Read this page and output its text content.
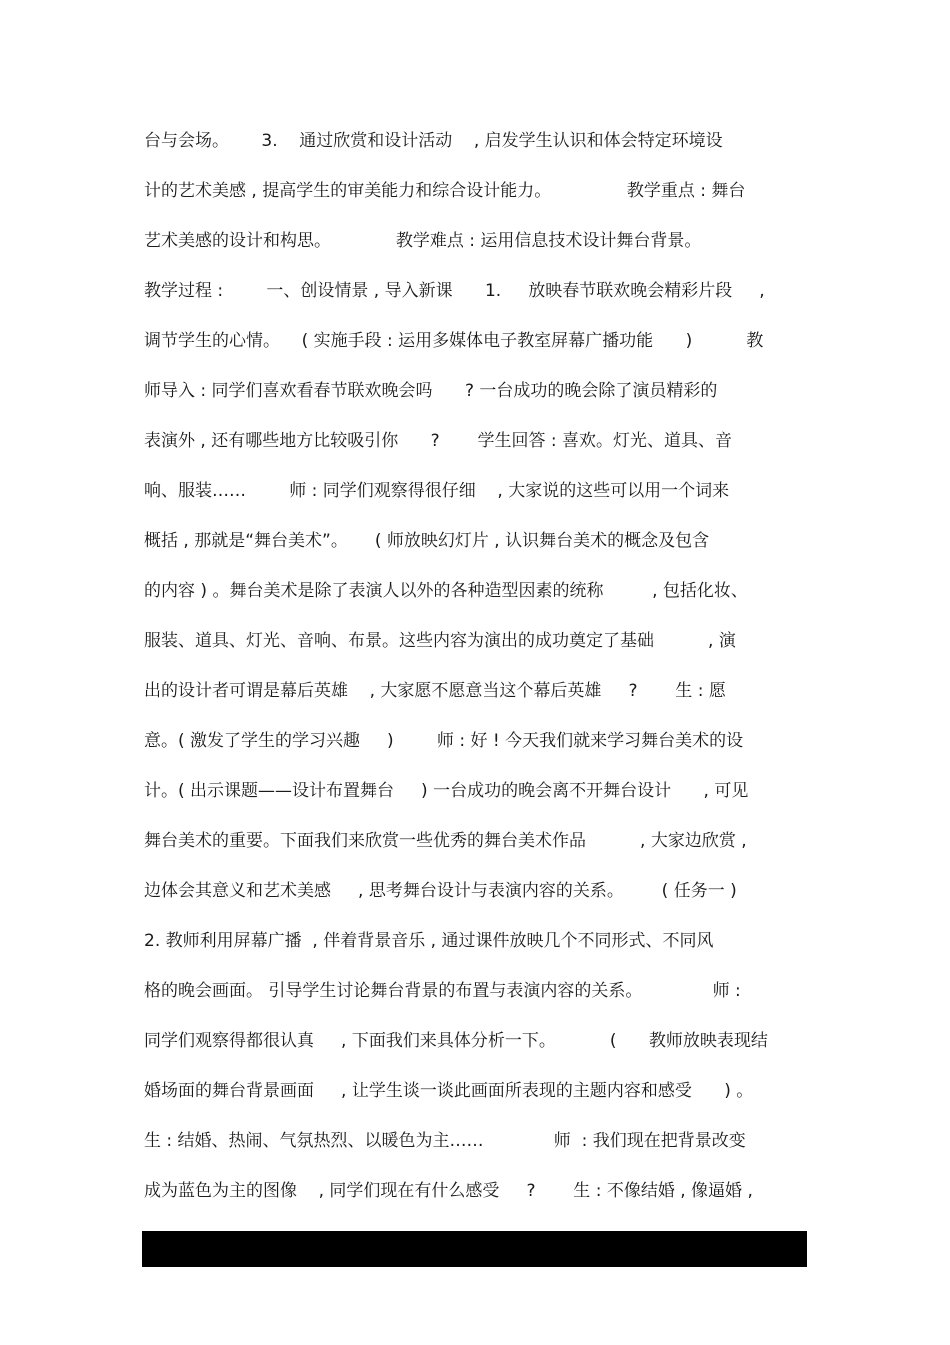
台与会场。      3.    通过欣赏和设计活动    , 启发学生认识和体会特定环境设
计的艺术美感 , 提高学生的审美能力和综合设计能力。              教学重点 : 舞台
艺术美感的设计和构思。            教学难点 : 运用信息技术设计舞台背景。
教学过程 :        一、创设情景 , 导入新课      1.     放映春节联欢晚会精彩片段     ,
调节学生的心情。    ( 实施手段 : 运用多媒体电子教室屏幕广播功能      )          教
师导入 : 同学们喜欢看春节联欢晚会吗      ? 一台成功的晚会除了演员精彩的
表演外 , 还有哪些地方比较吸引你      ?       学生回答 : 喜欢。灯光、道具、音
响、服装……        师 : 同学们观察得很仔细    , 大家说的这些可以用一个词来
概括 , 那就是“舞台美术”。     ( 师放映幻灯片 , 认识舞台美术的概念及包含
的内容 ) 。舞台美术是除了表演人以外的各种造型因素的统称         , 包括化妆、
服装、道具、灯光、音响、布景。这些内容为演出的成功奠定了基础          , 演
出的设计者可谓是幕后英雄    , 大家愿不愿意当这个幕后英雄     ?       生 : 愿
意。( 激发了学生的学习兴趣     )        师 : 好 ! 今天我们就来学习舞台美术的设
计。( 出示课题——设计布置舞台     ) 一台成功的晚会离不开舞台设计      , 可见
舞台美术的重要。下面我们来欣赏一些优秀的舞台美术作品          , 大家边欣赏 ,
边体会其意义和艺术美感     , 思考舞台设计与表演内容的关系。       ( 任务一 )
2. 教师利用屏幕广播  , 伴着背景音乐 , 通过课件放映几个不同形式、不同风
格的晚会画面。 引导学生讨论舞台背景的布置与表演内容的关系。             师 :
同学们观察得都很认真     , 下面我们来具体分析一下。          (      教师放映表现结
婚场面的舞台背景画面     , 让学生谈一谈此画面所表现的主题内容和感受      ) 。
生 : 结婚、热闹、气氛热烈、以暖色为主……             师  : 我们现在把背景改变
成为蓝色为主的图像    , 同学们现在有什么感受     ?       生 : 不像结婚 , 像逼婚 ,
